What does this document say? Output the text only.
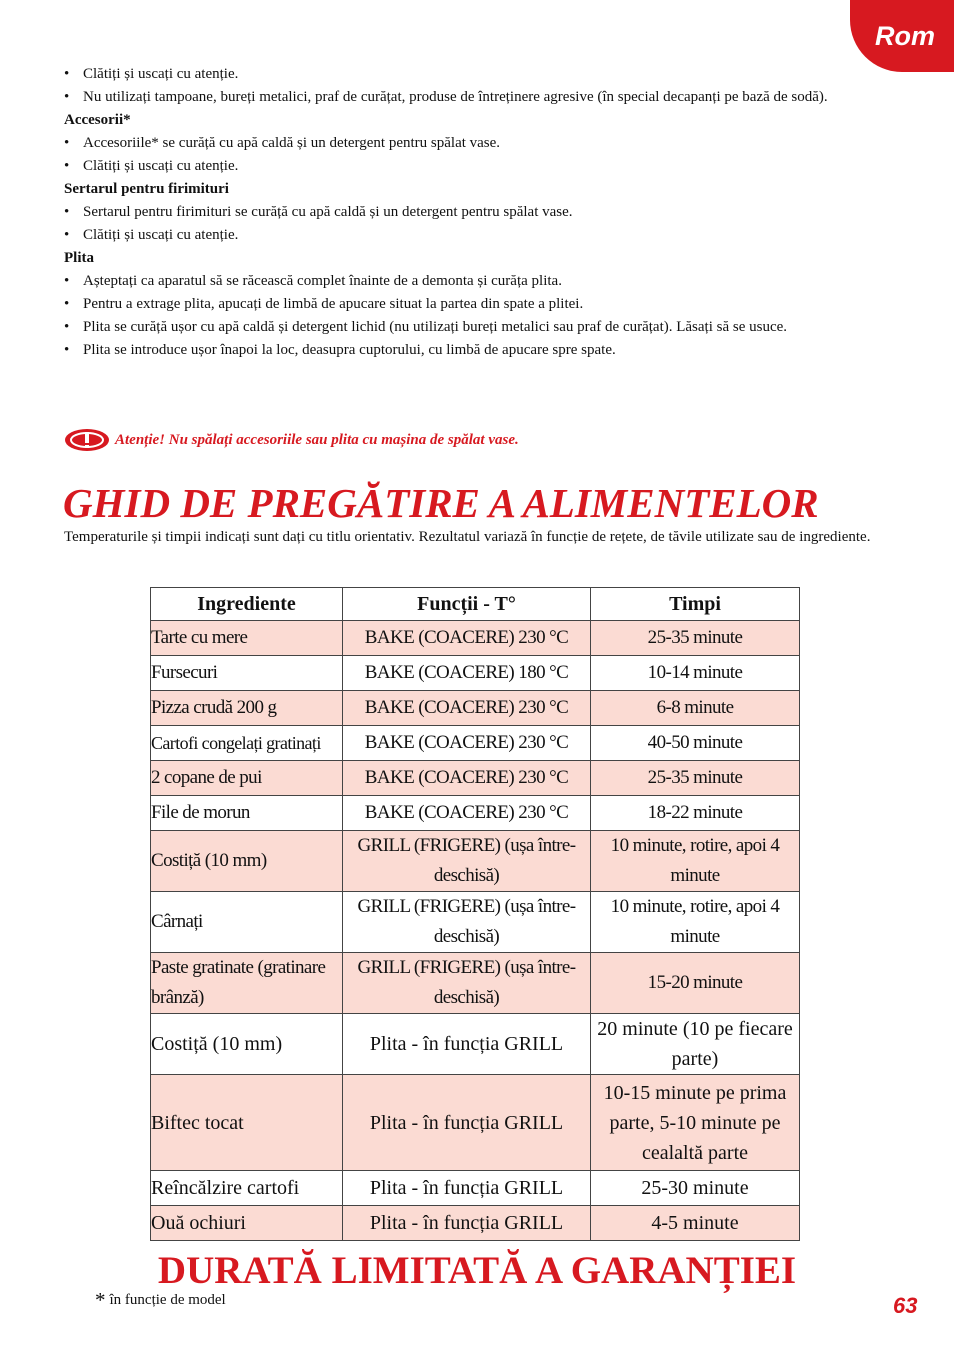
Rom
• Clătiți și uscați cu atenție.
• Nu utilizați tampoane, bureți metalici, praf de curățat, produse de întreținere agresive (în special decapanți pe bază de sodă).
Accesorii*
• Accesoriile* se curăță cu apă caldă și un detergent pentru spălat vase.
• Clătiți și uscați cu atenție.
Sertarul pentru firimituri
• Sertarul pentru firimituri se curăță cu apă caldă și un detergent pentru spălat vase.
• Clătiți și uscați cu atenție.
Plita
• Așteptați ca aparatul să se răcească complet înainte de a demonta și curăța plita.
• Pentru a extrage plita, apucați de limbă de apucare situat la partea din spate a plitei.
• Plita se curăță ușor cu apă caldă și detergent lichid (nu utilizați bureți metalici sau praf de curățat). Lăsați să se usuce.
• Plita se introduce ușor înapoi la loc, deasupra cuptorului, cu limbă de apucare spre spate.
Atenție! Nu spălați accesoriile sau plita cu mașina de spălat vase.
GHID DE PREGĂTIRE A ALIMENTELOR
Temperaturile și timpii indicați sunt dați cu titlu orientativ. Rezultatul variază în funcție de rețete, de tăvile utilizate sau de ingrediente.
Ingrediente	Funcții - T°	Timpi
Tarte cu mere	BAKE (COACERE) 230 °C	25-35 minute
Fursecuri	BAKE (COACERE) 180 °C	10-14 minute
Pizza crudă 200 g	BAKE (COACERE) 230 °C	6-8 minute
Cartofi congelați gratinați	BAKE (COACERE) 230 °C	40-50 minute
2 copane de pui	BAKE (COACERE) 230 °C	25-35 minute
File de morun	BAKE (COACERE) 230 °C	18-22 minute
Costiță (10 mm)	GRILL (FRIGERE) (ușa între-deschisă)	10 minute, rotire, apoi 4 minute
Cârnați	GRILL (FRIGERE) (ușa între-deschisă)	10 minute, rotire, apoi 4 minute
Paste gratinate (gratinare brânză)	GRILL (FRIGERE) (ușa între-deschisă)	15-20 minute
Costiță (10 mm)	Plita - în funcția GRILL	20 minute (10 pe fiecare parte)
Biftec tocat	Plita - în funcția GRILL	10-15 minute pe prima parte, 5-10 minute pe cealaltă parte
Reîncălzire cartofi	Plita - în funcția GRILL	25-30 minute
Ouă ochiuri	Plita - în funcția GRILL	4-5 minute
DURATĂ LIMITATĂ A GARANȚIEI
* în funcție de model	63
